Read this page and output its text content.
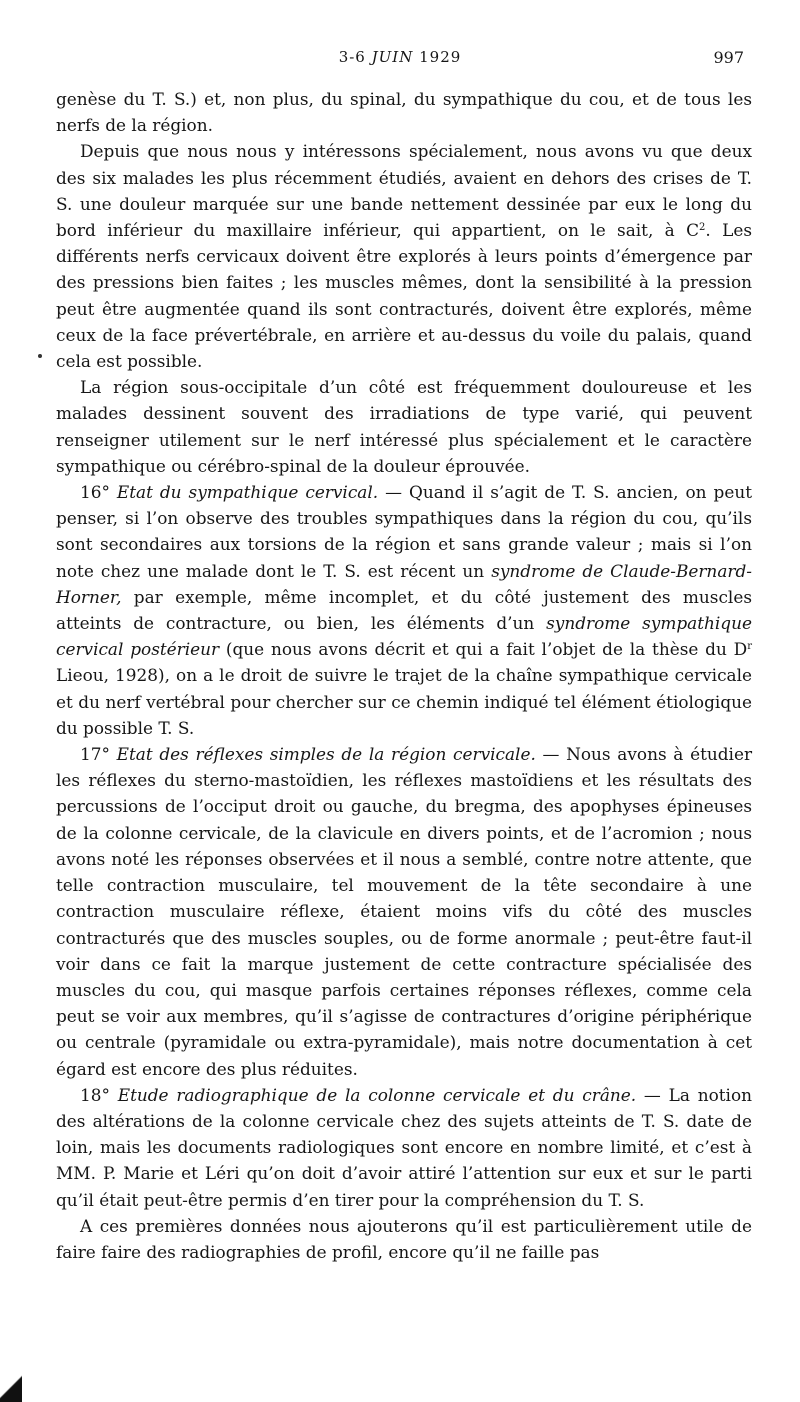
3-6 JUIN 1929	997

genèse du T. S.) et, non plus, du spinal, du sympathique du cou, et de tous les nerfs de la région.

Depuis que nous nous y intéressons spécialement, nous avons vu que deux des six malades les plus récemment étudiés, avaient en dehors des crises de T. S. une douleur marquée sur une bande nettement dessinée par eux le long du bord inférieur du maxillaire inférieur, qui appartient, on le sait, à $C^2$. Les différents nerfs cervicaux doivent être explorés à leurs points d’émergence par des pressions bien faites ; les muscles mêmes, dont la sensibilité à la pression peut être augmentée quand ils sont contracturés, doivent être explorés, même ceux de la face prévertébrale, en arrière et au-dessus du voile du palais, quand cela est possible.

La région sous-occipitale d’un côté est fréquemment douloureuse et les malades dessinent souvent des irradiations de type varié, qui peuvent renseigner utilement sur le nerf intéressé plus spécialement et le caractère sympathique ou cérébro-spinal de la douleur éprouvée.

16° Etat du sympathique cervical. — Quand il s’agit de T. S. ancien, on peut penser, si l’on observe des troubles sympathiques dans la région du cou, qu’ils sont secondaires aux torsions de la région et sans grande valeur ; mais si l’on note chez une malade dont le T. S. est récent un syndrome de Claude-Bernard-Horner, par exemple, même incomplet, et du côté justement des muscles atteints de contracture, ou bien, les éléments d’un syndrome sympathique cervical postérieur (que nous avons décrit et qui a fait l’objet de la thèse du $D^r$ Lieou, 1928), on a le droit de suivre le trajet de la chaîne sympathique cervicale et du nerf vertébral pour chercher sur ce chemin indiqué tel élément étiologique du possible T. S.

17° Etat des réflexes simples de la région cervicale. — Nous avons à étudier les réflexes du sterno-mastoïdien, les réflexes mastoïdiens et les résultats des percussions de l’occiput droit ou gauche, du bregma, des apophyses épineuses de la colonne cervicale, de la clavicule en divers points, et de l’acromion ; nous avons noté les réponses observées et il nous a semblé, contre notre attente, que telle contraction musculaire, tel mouvement de la tête secondaire à une contraction musculaire réflexe, étaient moins vifs du côté des muscles contracturés que des muscles souples, ou de forme anormale ; peut-être faut-il voir dans ce fait la marque justement de cette contracture spécialisée des muscles du cou, qui masque parfois certaines réponses réflexes, comme cela peut se voir aux membres, qu’il s’agisse de contractures d’origine périphérique ou centrale (pyramidale ou extra-pyramidale), mais notre documentation à cet égard est encore des plus réduites.

18° Etude radiographique de la colonne cervicale et du crâne. — La notion des altérations de la colonne cervicale chez des sujets atteints de T. S. date de loin, mais les documents radiologiques sont encore en nombre limité, et c’est à MM. P. Marie et Léri qu’on doit d’avoir attiré l’attention sur eux et sur le parti qu’il était peut-être permis d’en tirer pour la compréhension du T. S.

A ces premières données nous ajouterons qu’il est particulièrement utile de faire faire des radiographies de profil, encore qu’il ne faille pas
